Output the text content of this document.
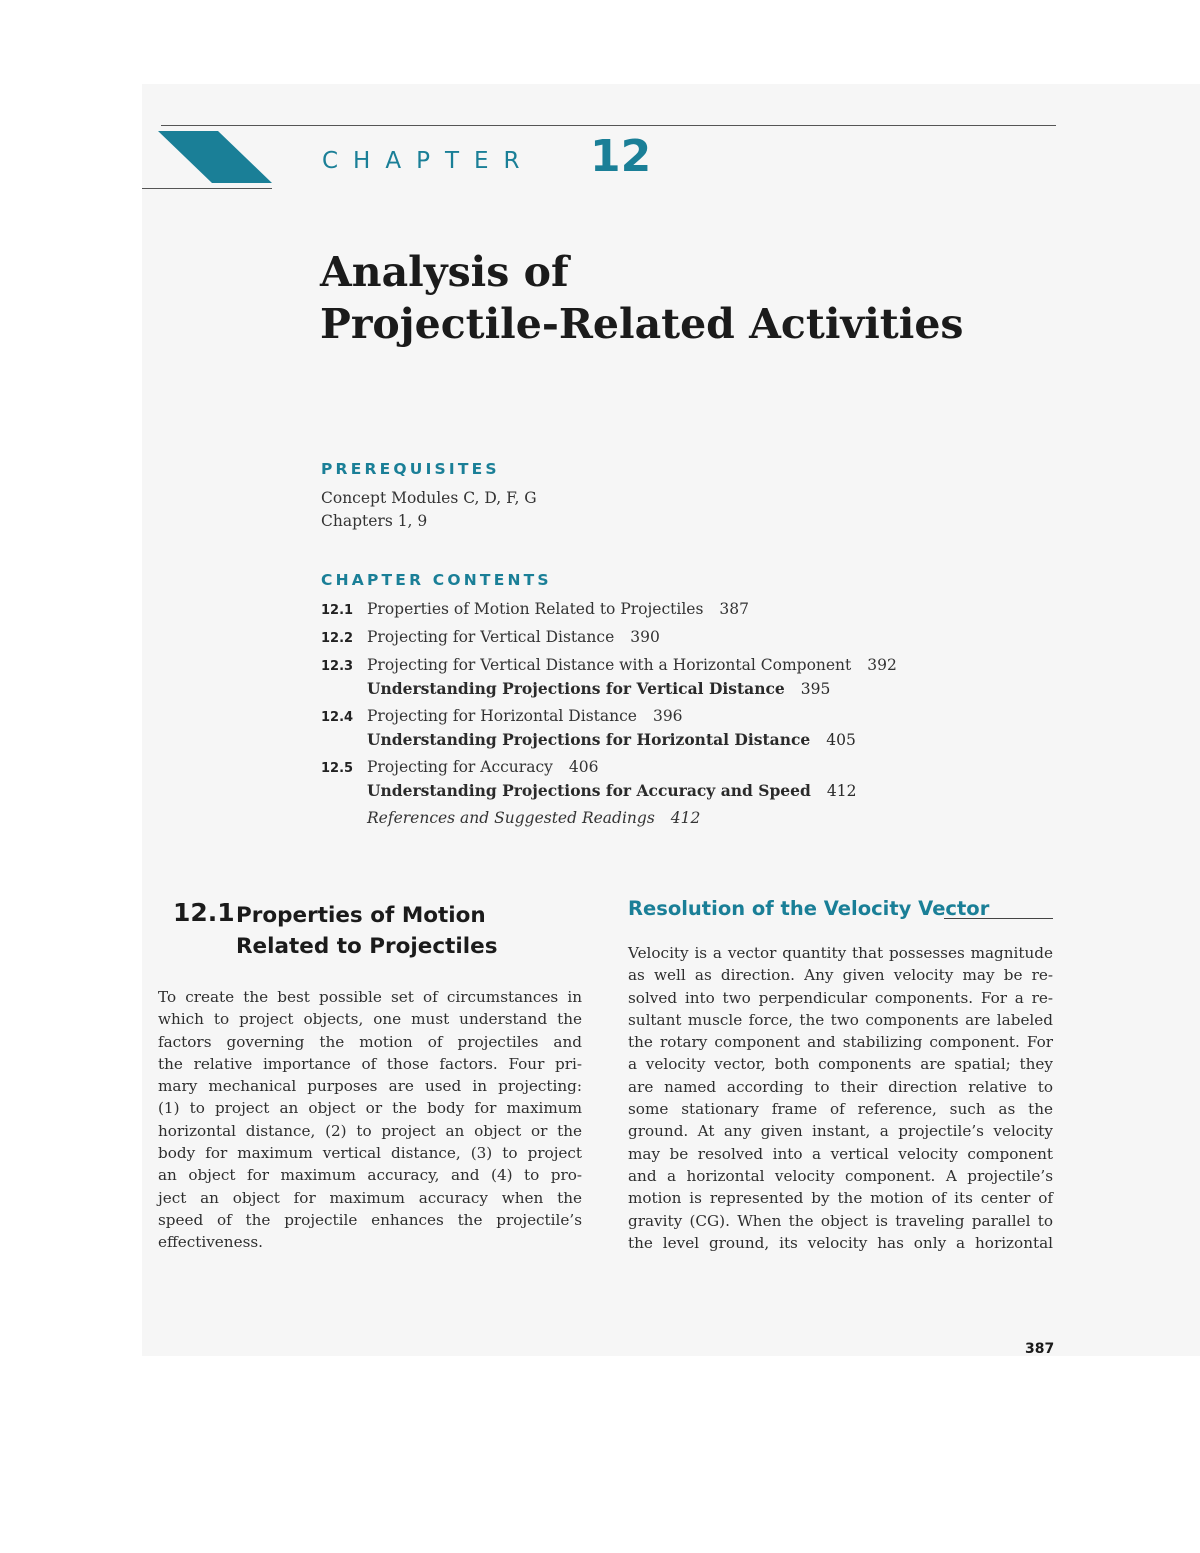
CHAPTER 12
Analysis of
Projectile-Related Activities
PREREQUISITES
Concept Modules C, D, F, G
Chapters 1, 9
CHAPTER CONTENTS
12.1 Properties of Motion Related to Projectiles 387
12.2 Projecting for Vertical Distance 390
12.3 Projecting for Vertical Distance with a Horizontal Component 392
Understanding Projections for Vertical Distance 395
12.4 Projecting for Horizontal Distance 396
Understanding Projections for Horizontal Distance 405
12.5 Projecting for Accuracy 406
Understanding Projections for Accuracy and Speed 412
References and Suggested Readings 412
12.1 Properties of Motion
Related to Projectiles
To create the best possible set of circumstances in
which to project objects, one must understand the
factors governing the motion of projectiles and
the relative importance of those factors. Four pri-
mary mechanical purposes are used in projecting:
(1) to project an object or the body for maximum
horizontal distance, (2) to project an object or the
body for maximum vertical distance, (3) to project
an object for maximum accuracy, and (4) to pro-
ject an object for maximum accuracy when the
speed of the projectile enhances the projectile’s
effectiveness.
Resolution of the Velocity Vector
Velocity is a vector quantity that possesses magnitude
as well as direction. Any given velocity may be re-
solved into two perpendicular components. For a re-
sultant muscle force, the two components are labeled
the rotary component and stabilizing component. For
a velocity vector, both components are spatial; they
are named according to their direction relative to
some stationary frame of reference, such as the
ground. At any given instant, a projectile’s velocity
may be resolved into a vertical velocity component
and a horizontal velocity component. A projectile’s
motion is represented by the motion of its center of
gravity (CG). When the object is traveling parallel to
the level ground, its velocity has only a horizontal
387
